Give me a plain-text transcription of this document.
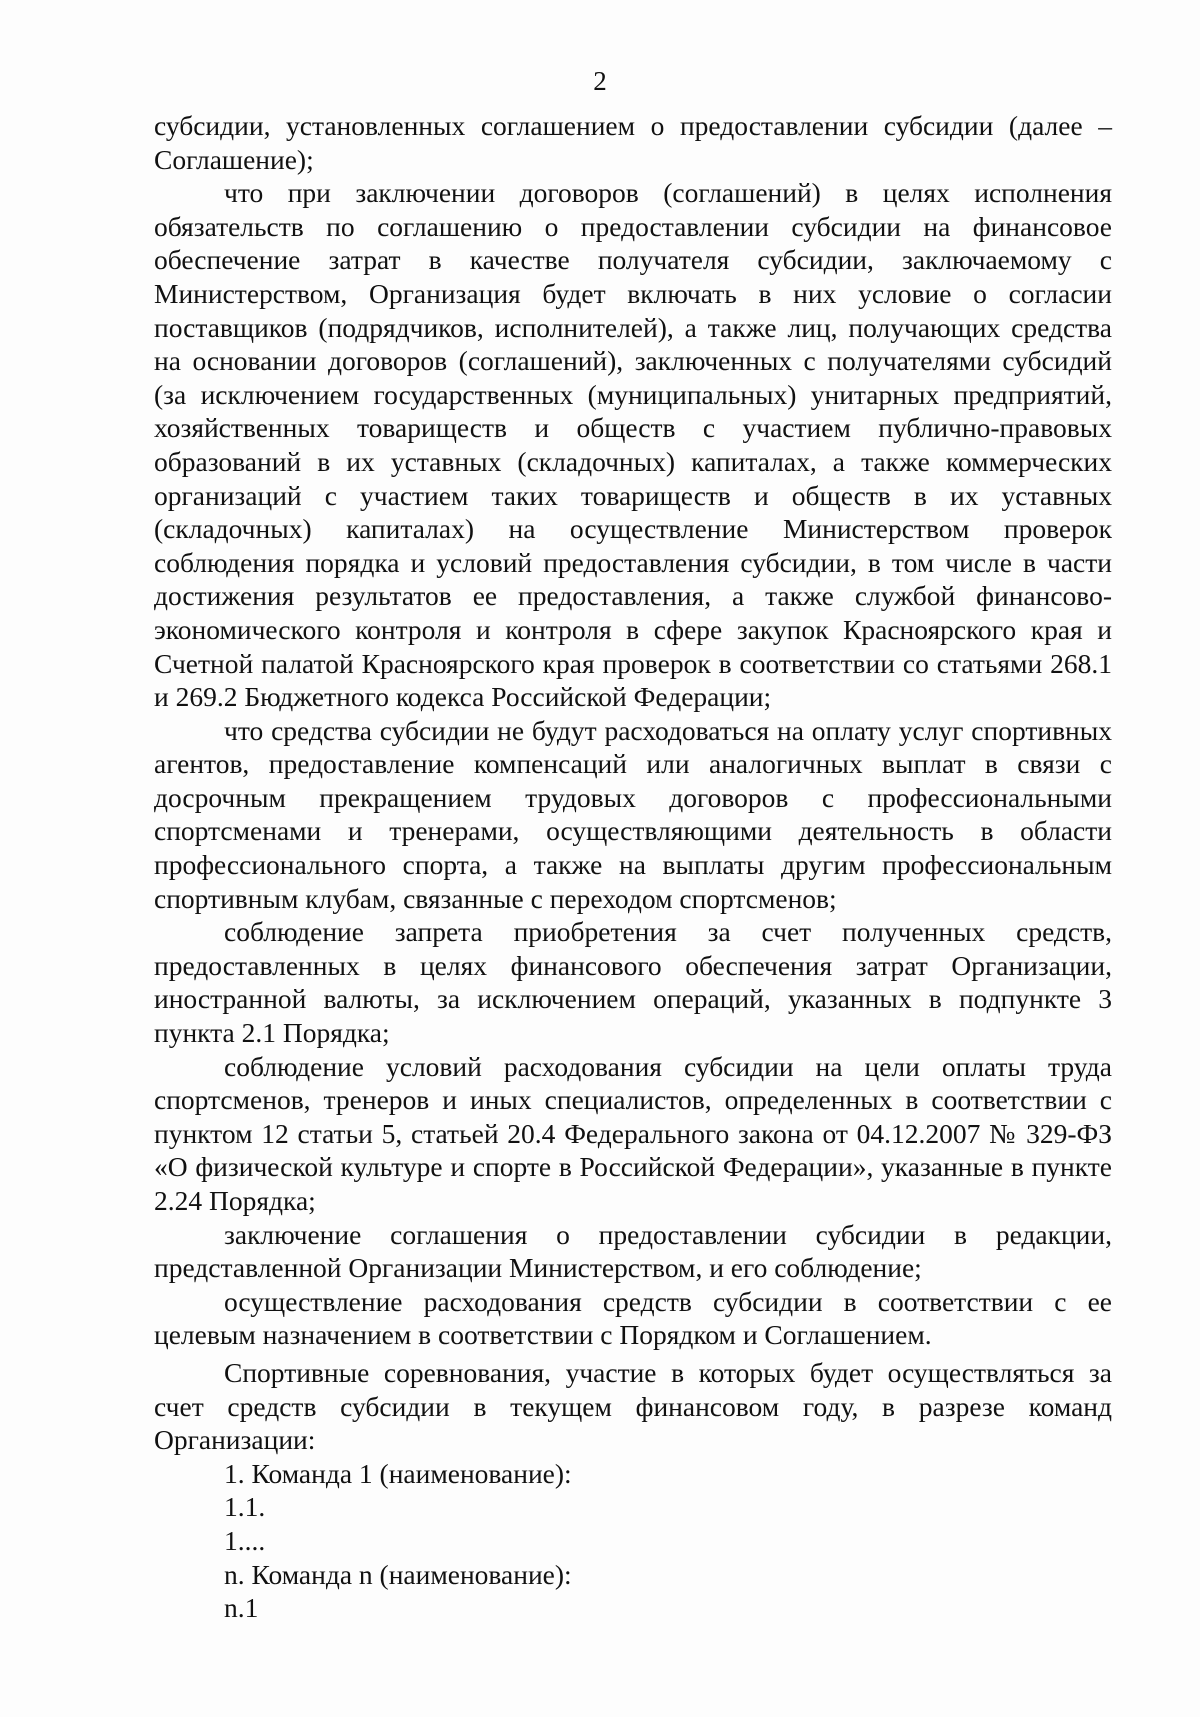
2

субсидии, установленных соглашением о предоставлении субсидии (далее – Соглашение);

что при заключении договоров (соглашений) в целях исполнения обязательств по соглашению о предоставлении субсидии на финансовое обеспечение затрат в качестве получателя субсидии, заключаемому с Министерством, Организация будет включать в них условие о согласии поставщиков (подрядчиков, исполнителей), а также лиц, получающих средства на основании договоров (соглашений), заключенных с получателями субсидий (за исключением государственных (муниципальных) унитарных предприятий, хозяйственных товариществ и обществ с участием публично-правовых образований в их уставных (складочных) капиталах, а также коммерческих организаций с участием таких товариществ и обществ в их уставных (складочных) капиталах) на осуществление Министерством проверок соблюдения порядка и условий предоставления субсидии, в том числе в части достижения результатов ее предоставления, а также службой финансово-экономического контроля и контроля в сфере закупок Красноярского края и Счетной палатой Красноярского края проверок в соответствии со статьями 268.1 и 269.2 Бюджетного кодекса Российской Федерации;

что средства субсидии не будут расходоваться на оплату услуг спортивных агентов, предоставление компенсаций или аналогичных выплат в связи с досрочным прекращением трудовых договоров с профессиональными спортсменами и тренерами, осуществляющими деятельность в области профессионального спорта, а также на выплаты другим профессиональным спортивным клубам, связанные с переходом спортсменов;

соблюдение запрета приобретения за счет полученных средств, предоставленных в целях финансового обеспечения затрат Организации, иностранной валюты, за исключением операций, указанных в подпункте 3 пункта 2.1 Порядка;

соблюдение условий расходования субсидии на цели оплаты труда спортсменов, тренеров и иных специалистов, определенных в соответствии с пунктом 12 статьи 5, статьей 20.4 Федерального закона от 04.12.2007 № 329-ФЗ «О физической культуре и спорте в Российской Федерации», указанные в пункте 2.24 Порядка;

заключение соглашения о предоставлении субсидии в редакции, представленной Организации Министерством, и его соблюдение;

осуществление расходования средств субсидии в соответствии с ее целевым назначением в соответствии с Порядком и Соглашением.

Спортивные соревнования, участие в которых будет осуществляться за счет средств субсидии в текущем финансовом году, в разрезе команд Организации:

1. Команда 1 (наименование):
1.1.
1....
n. Команда n (наименование):
n.1
